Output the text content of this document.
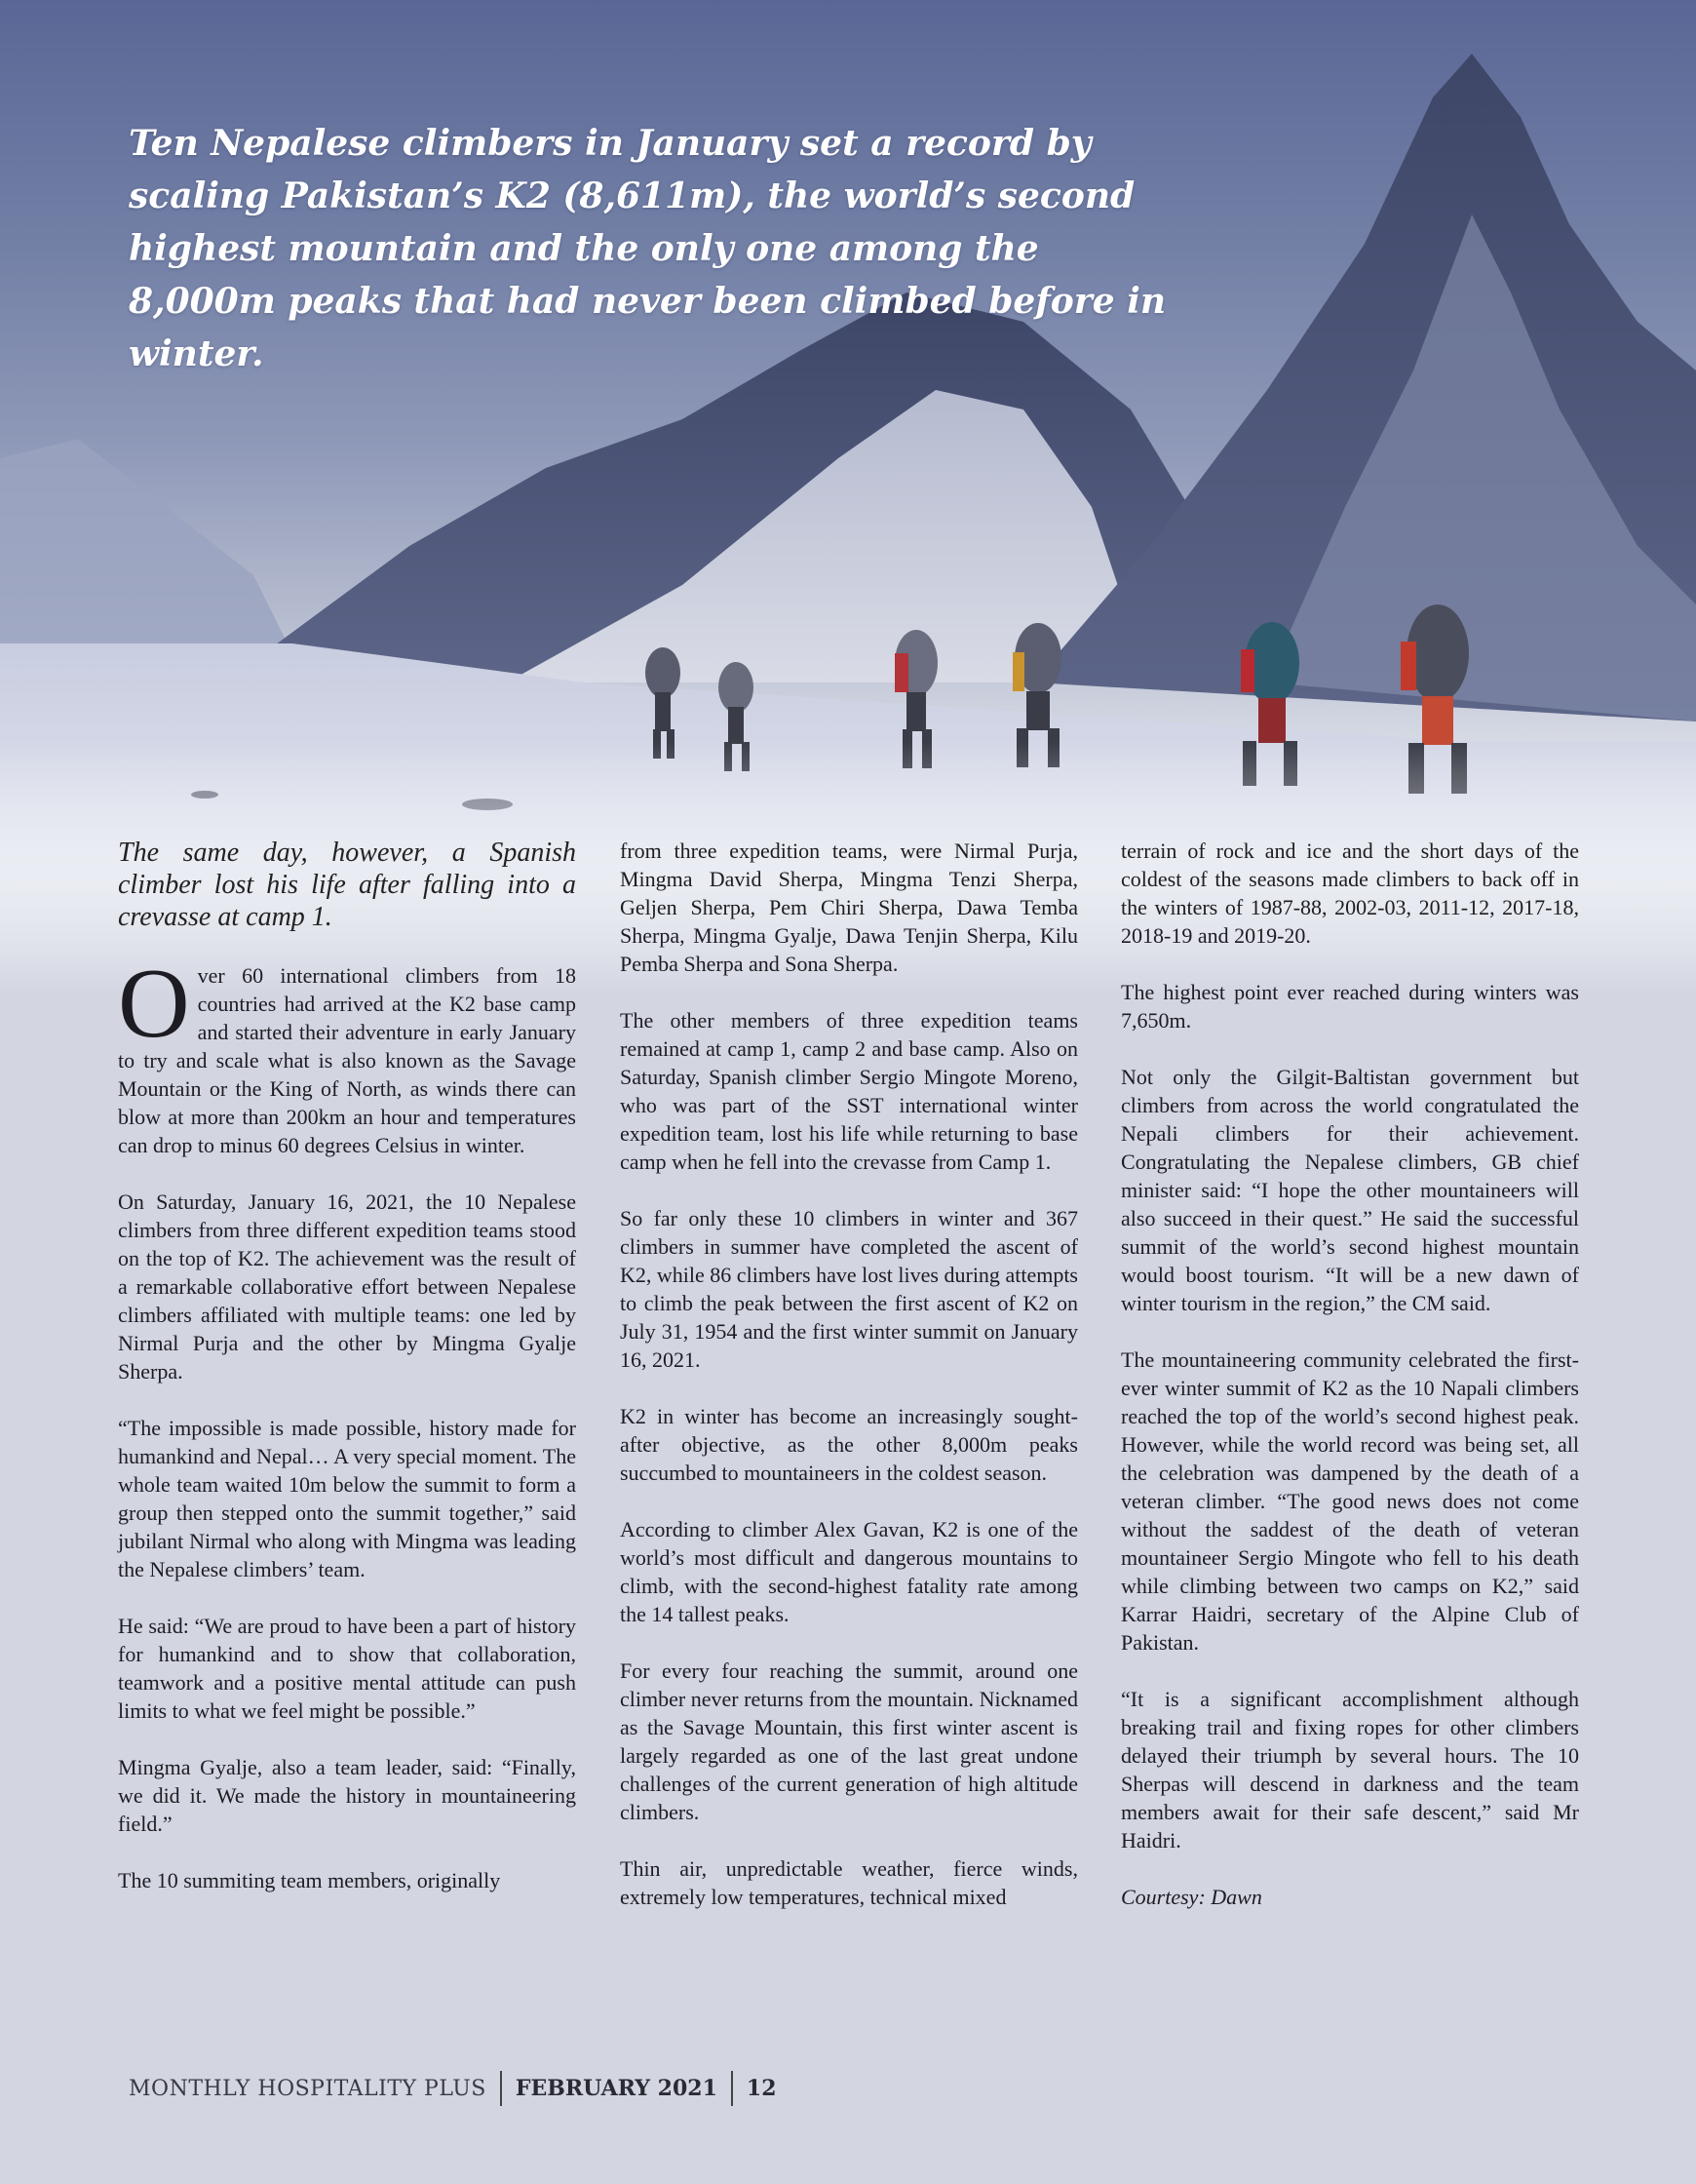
Ten Nepalese climbers in January set a record by scaling Pakistan’s K2 (8,611m), the world’s second highest mountain and the only one among the 8,000m peaks that had never been climbed before in winter.

The same day, however, a Spanish climber lost his life after falling into a crevasse at camp 1.

Over 60 international climbers from 18 countries had arrived at the K2 base camp and started their adventure in early January to try and scale what is also known as the Savage Mountain or the King of North, as winds there can blow at more than 200km an hour and temperatures can drop to minus 60 degrees Celsius in winter.

On Saturday, January 16, 2021, the 10 Nepalese climbers from three different expedition teams stood on the top of K2. The achievement was the result of a remarkable collaborative effort between Nepalese climbers affiliated with multiple teams: one led by Nirmal Purja and the other by Mingma Gyalje Sherpa.

“The impossible is made possible, history made for humankind and Nepal… A very special moment. The whole team waited 10m below the summit to form a group then stepped onto the summit together,” said jubilant Nirmal who along with Mingma was leading the Nepalese climbers’ team.

He said: “We are proud to have been a part of history for humankind and to show that collaboration, teamwork and a positive mental attitude can push limits to what we feel might be possible.”

Mingma Gyalje, also a team leader, said: “Finally, we did it. We made the history in mountaineering field.”

The 10 summiting team members, originally

from three expedition teams, were Nirmal Purja, Mingma David Sherpa, Mingma Tenzi Sherpa, Geljen Sherpa, Pem Chiri Sherpa, Dawa Temba Sherpa, Mingma Gyalje, Dawa Tenjin Sherpa, Kilu Pemba Sherpa and Sona Sherpa.

The other members of three expedition teams remained at camp 1, camp 2 and base camp. Also on Saturday, Spanish climber Sergio Mingote Moreno, who was part of the SST international winter expedition team, lost his life while returning to base camp when he fell into the crevasse from Camp 1.

So far only these 10 climbers in winter and 367 climbers in summer have completed the ascent of K2, while 86 climbers have lost lives during attempts to climb the peak between the first ascent of K2 on July 31, 1954 and the first winter summit on January 16, 2021.

K2 in winter has become an increasingly sought-after objective, as the other 8,000m peaks succumbed to mountaineers in the coldest season.

According to climber Alex Gavan, K2 is one of the world’s most difficult and dangerous mountains to climb, with the second-highest fatality rate among the 14 tallest peaks.

For every four reaching the summit, around one climber never returns from the mountain. Nicknamed as the Savage Mountain, this first winter ascent is largely regarded as one of the last great undone challenges of the current generation of high altitude climbers.

Thin air, unpredictable weather, fierce winds, extremely low temperatures, technical mixed

terrain of rock and ice and the short days of the coldest of the seasons made climbers to back off in the winters of 1987-88, 2002-03, 2011-12, 2017-18, 2018-19 and 2019-20.

The highest point ever reached during winters was 7,650m.

Not only the Gilgit-Baltistan government but climbers from across the world congratulated the Nepali climbers for their achievement. Congratulating the Nepalese climbers, GB chief minister said: “I hope the other mountaineers will also succeed in their quest.” He said the successful summit of the world’s second highest mountain would boost tourism. “It will be a new dawn of winter tourism in the region,” the CM said.

The mountaineering community celebrated the first-ever winter summit of K2 as the 10 Napali climbers reached the top of the world’s second highest peak. However, while the world record was being set, all the celebration was dampened by the death of a veteran climber. “The good news does not come without the saddest of the death of veteran mountaineer Sergio Mingote who fell to his death while climbing between two camps on K2,” said Karrar Haidri, secretary of the Alpine Club of Pakistan.

“It is a significant accomplishment although breaking trail and fixing ropes for other climbers delayed their triumph by several hours. The 10 Sherpas will descend in darkness and the team members await for their safe descent,” said Mr Haidri.

Courtesy: Dawn

MONTHLY HOSPITALITY PLUS FEBRUARY 2021 12
